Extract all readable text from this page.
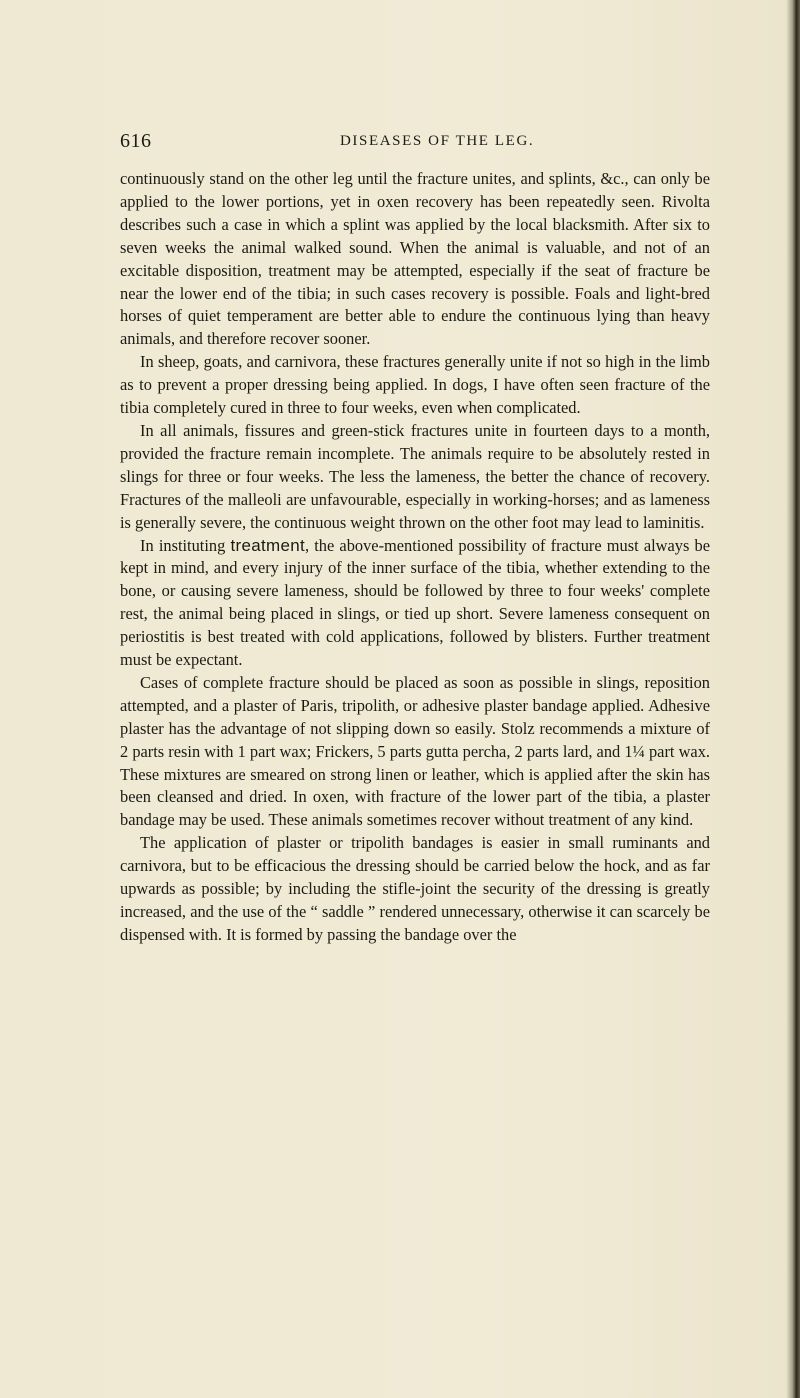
616	DISEASES OF THE LEG.

continuously stand on the other leg until the fracture unites, and splints, &c., can only be applied to the lower portions, yet in oxen recovery has been repeatedly seen. Rivolta describes such a case in which a splint was applied by the local blacksmith. After six to seven weeks the animal walked sound. When the animal is valuable, and not of an excitable disposition, treatment may be attempted, especially if the seat of fracture be near the lower end of the tibia; in such cases recovery is possible. Foals and light-bred horses of quiet temperament are better able to endure the continuous lying than heavy animals, and therefore recover sooner.

In sheep, goats, and carnivora, these fractures generally unite if not so high in the limb as to prevent a proper dressing being applied. In dogs, I have often seen fracture of the tibia completely cured in three to four weeks, even when complicated.

In all animals, fissures and green-stick fractures unite in fourteen days to a month, provided the fracture remain incomplete. The animals require to be absolutely rested in slings for three or four weeks. The less the lameness, the better the chance of recovery. Fractures of the malleoli are unfavourable, especially in working-horses; and as lameness is generally severe, the continuous weight thrown on the other foot may lead to laminitis.

In instituting treatment, the above-mentioned possibility of fracture must always be kept in mind, and every injury of the inner surface of the tibia, whether extending to the bone, or causing severe lameness, should be followed by three to four weeks' complete rest, the animal being placed in slings, or tied up short. Severe lameness consequent on periostitis is best treated with cold applications, followed by blisters. Further treatment must be expectant.

Cases of complete fracture should be placed as soon as possible in slings, reposition attempted, and a plaster of Paris, tripolith, or adhesive plaster bandage applied. Adhesive plaster has the advantage of not slipping down so easily. Stolz recommends a mixture of 2 parts resin with 1 part wax; Frickers, 5 parts gutta percha, 2 parts lard, and 1¼ part wax. These mixtures are smeared on strong linen or leather, which is applied after the skin has been cleansed and dried. In oxen, with fracture of the lower part of the tibia, a plaster bandage may be used. These animals sometimes recover without treatment of any kind.

The application of plaster or tripolith bandages is easier in small ruminants and carnivora, but to be efficacious the dressing should be carried below the hock, and as far upwards as possible; by including the stifle-joint the security of the dressing is greatly increased, and the use of the “ saddle ” rendered unnecessary, otherwise it can scarcely be dispensed with. It is formed by passing the bandage over the
